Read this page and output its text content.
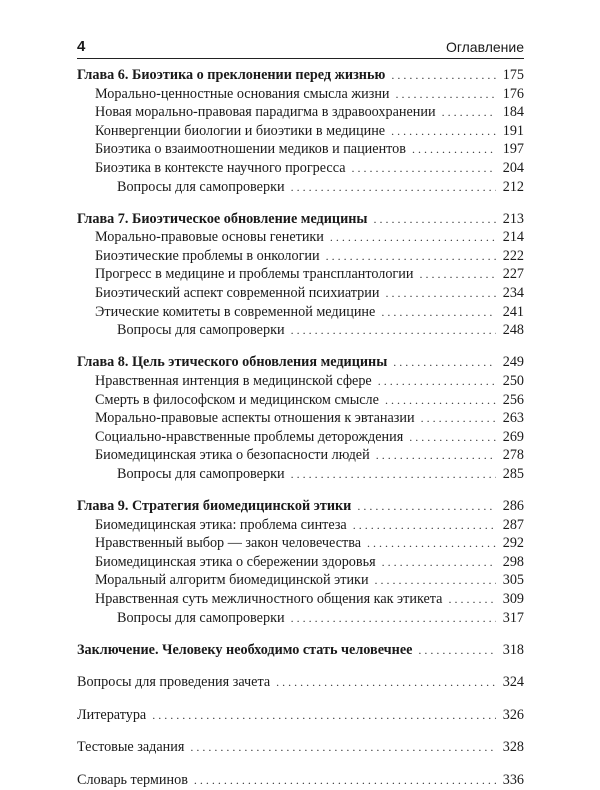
4	Оглавление
Глава 6. Биоэтика о преклонении перед жизнью . . .	175
Морально-ценностные основания смысла жизни . . .	176
Новая морально-правовая парадигма в здравоохранении . . .	184
Конвергенции биологии и биоэтики в медицине . . .	191
Биоэтика о взаимоотношении медиков и пациентов . . .	197
Биоэтика в контексте научного прогресса . . .	204
Вопросы для самопроверки . . .	212
Глава 7. Биоэтическое обновление медицины . . .	213
Морально-правовые основы генетики . . .	214
Биоэтические проблемы в онкологии . . .	222
Прогресс в медицине и проблемы трансплантологии . . .	227
Биоэтический аспект современной психиатрии . . .	234
Этические комитеты в современной медицине . . .	241
Вопросы для самопроверки . . .	248
Глава 8. Цель этического обновления медицины . . .	249
Нравственная интенция в медицинской сфере . . .	250
Смерть в философском и медицинском смысле . . .	256
Морально-правовые аспекты отношения к эвтаназии . . .	263
Социально-нравственные проблемы деторождения . . .	269
Биомедицинская этика о безопасности людей . . .	278
Вопросы для самопроверки . . .	285
Глава 9. Стратегия биомедицинской этики . . .	286
Биомедицинская этика: проблема синтеза . . .	287
Нравственный выбор — закон человечества . . .	292
Биомедицинская этика о сбережении здоровья . . .	298
Моральный алгоритм биомедицинской этики . . .	305
Нравственная суть межличностного общения как этикета . . .	309
Вопросы для самопроверки . . .	317
Заключение. Человеку необходимо стать человечнее . . .	318
Вопросы для проведения зачета . . .	324
Литература . . .	326
Тестовые задания . . .	328
Словарь терминов . . .	336
